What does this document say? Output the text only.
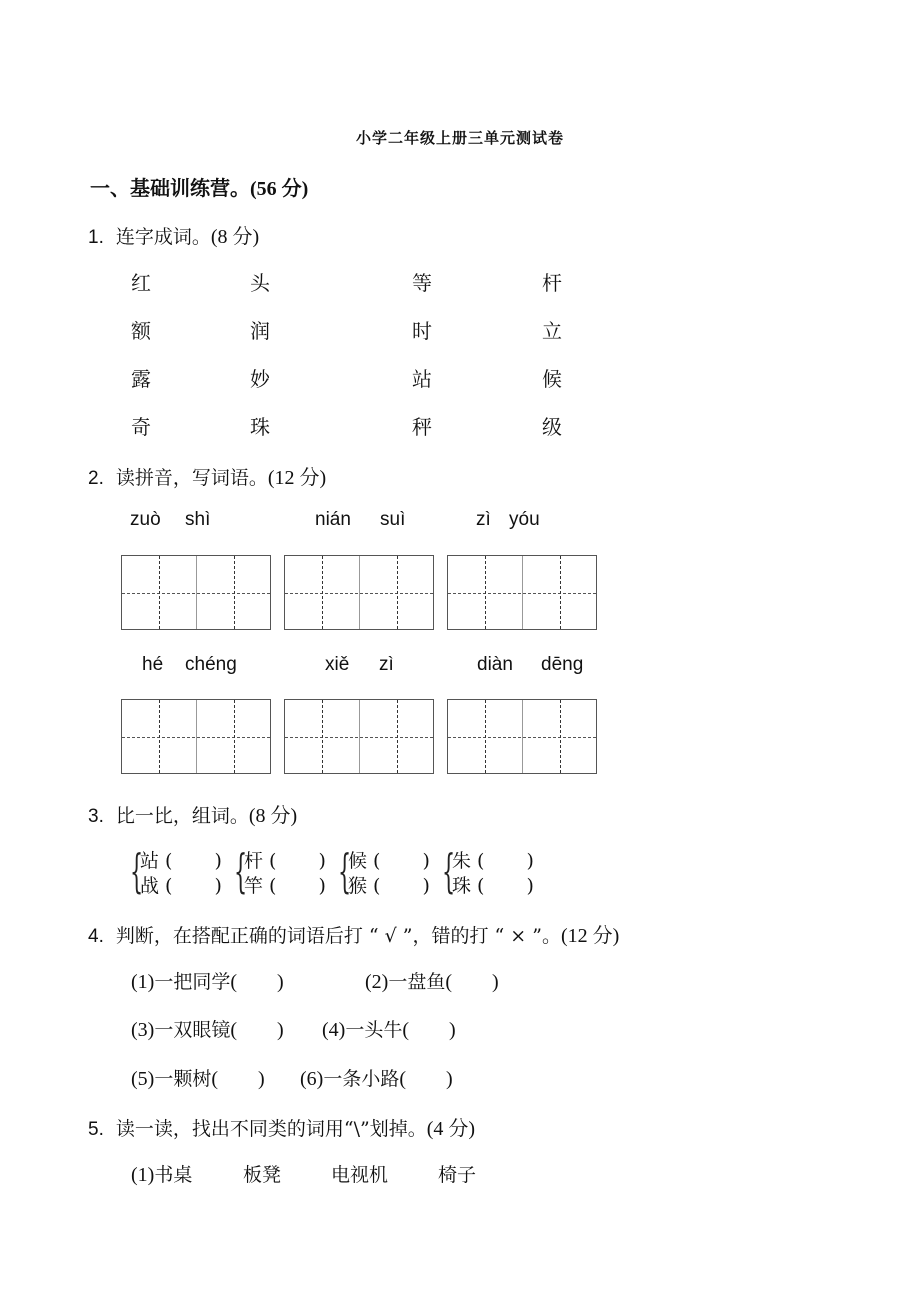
小学二年级上册三单元测试卷
一、基础训练营。(56 分)
1. 连字成词。(8 分)
红	头	等	杆
额	润	时	立
露	妙	站	候
奇	珠	秤	级
2. 读拼音，写词语。(12 分)
zuò shì	nián suì	zì yóu
hé chéng	xiě zì	diàn dēng
3. 比一比，组词。(8 分)
{
站 ( )
战 ( ) {
杆 ( )
竿 ( ) {
候 ( )
猴 ( ) {
朱 ( )
珠 ( )
4. 判断，在搭配正确的词语后打 “ √ ”，错的打 “ × ”。(12 分)
(1)一把同学(        )	(2)一盘鱼(        )
(3)一双眼镜(        ) (4)一头牛(        )
(5)一颗树(        ) (6)一条小路(        )
5. 读一读，找出不同类的词用“\”划掉。(4 分)
(1)书桌	板凳	电视机	椅子
